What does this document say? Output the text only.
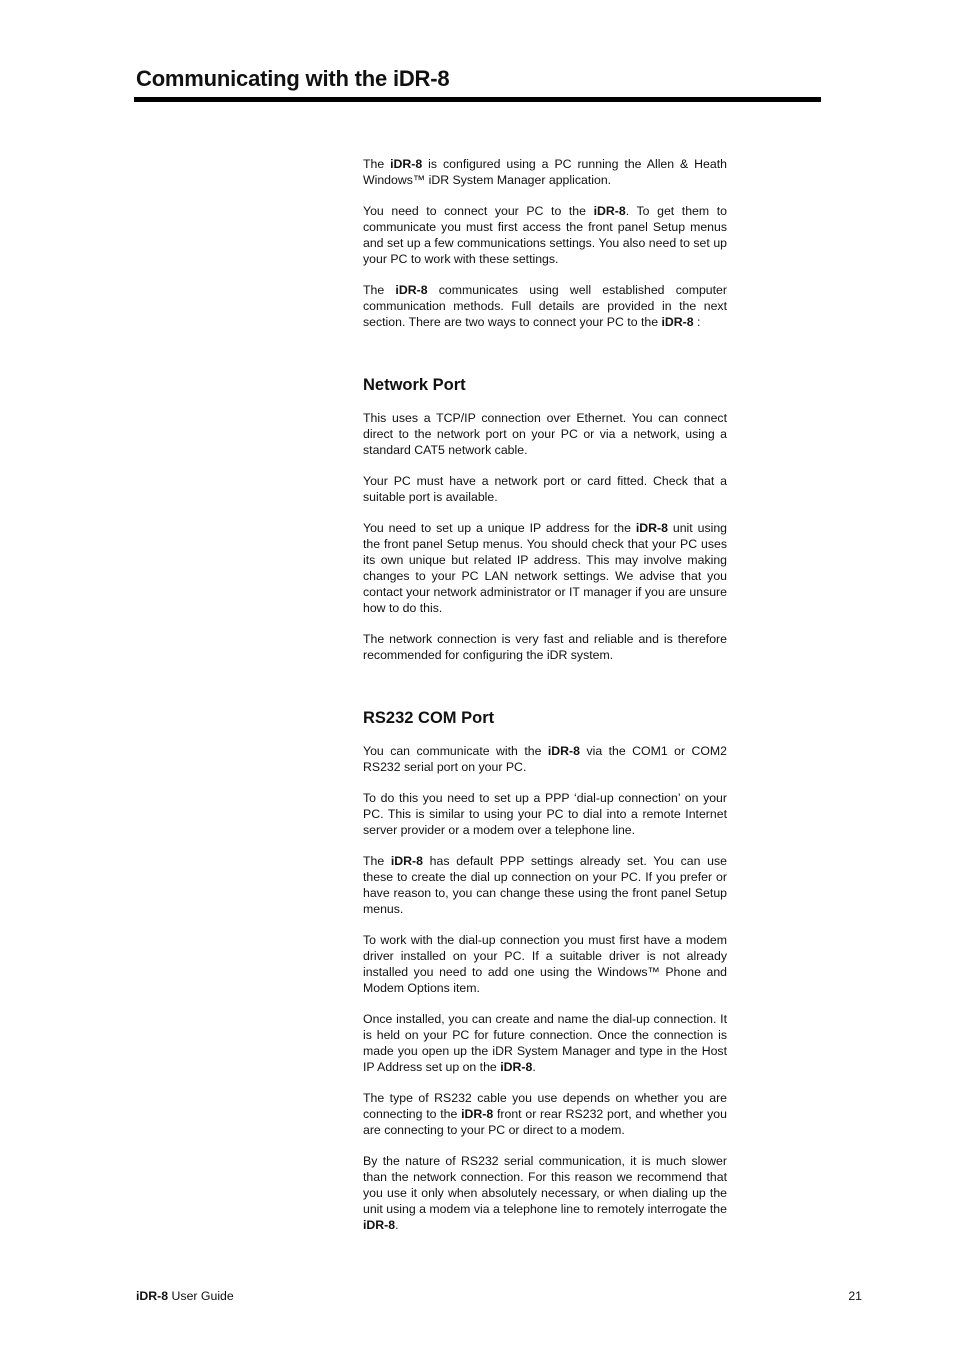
Communicating with the iDR-8

The iDR-8 is configured using a PC running the Allen & Heath Windows™ iDR System Manager application.

You need to connect your PC to the iDR-8. To get them to communicate you must first access the front panel Setup menus and set up a few communications settings. You also need to set up your PC to work with these settings.

The iDR-8 communicates using well established computer communication methods. Full details are provided in the next section. There are two ways to connect your PC to the iDR-8 :

Network Port

This uses a TCP/IP connection over Ethernet. You can connect direct to the network port on your PC or via a network, using a standard CAT5 network cable.

Your PC must have a network port or card fitted. Check that a suitable port is available.

You need to set up a unique IP address for the iDR-8 unit using the front panel Setup menus. You should check that your PC uses its own unique but related IP address. This may involve making changes to your PC LAN network settings. We advise that you contact your network administrator or IT manager if you are unsure how to do this.

The network connection is very fast and reliable and is therefore recommended for configuring the iDR system.

RS232 COM Port

You can communicate with the iDR-8 via the COM1 or COM2 RS232 serial port on your PC.

To do this you need to set up a PPP ‘dial-up connection’ on your PC. This is similar to using your PC to dial into a remote Internet server provider or a modem over a telephone line.

The iDR-8 has default PPP settings already set. You can use these to create the dial up connection on your PC. If you prefer or have reason to, you can change these using the front panel Setup menus.

To work with the dial-up connection you must first have a modem driver installed on your PC. If a suitable driver is not already installed you need to add one using the Windows™ Phone and Modem Options item.

Once installed, you can create and name the dial-up connection. It is held on your PC for future connection. Once the connection is made you open up the iDR System Manager and type in the Host IP Address set up on the iDR-8.

The type of RS232 cable you use depends on whether you are connecting to the iDR-8 front or rear RS232 port, and whether you are connecting to your PC or direct to a modem.

By the nature of RS232 serial communication, it is much slower than the network connection. For this reason we recommend that you use it only when absolutely necessary, or when dialing up the unit using a modem via a telephone line to remotely interrogate the iDR-8.

iDR-8 User Guide	21
